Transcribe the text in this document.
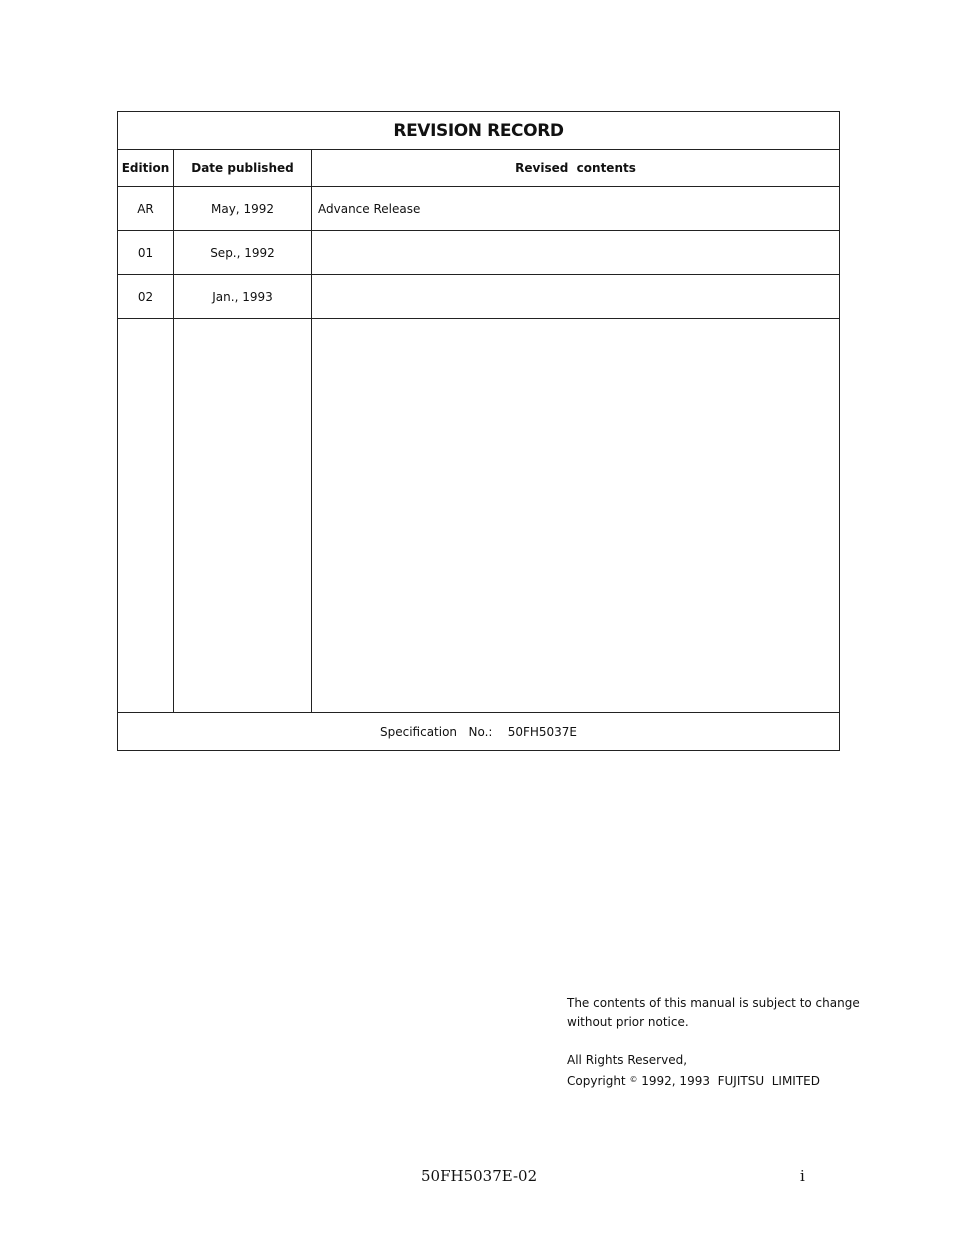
REVISION RECORD
Edition	Date published	Revised  contents
AR	May, 1992	Advance Release
01	Sep., 1992
02	Jan., 1993
Specification   No.:    50FH5037E
The contents of this manual is subject to change
without prior notice.
All Rights Reserved,
Copyright © 1992, 1993  FUJITSU  LIMITED
50FH5037E-02	i
